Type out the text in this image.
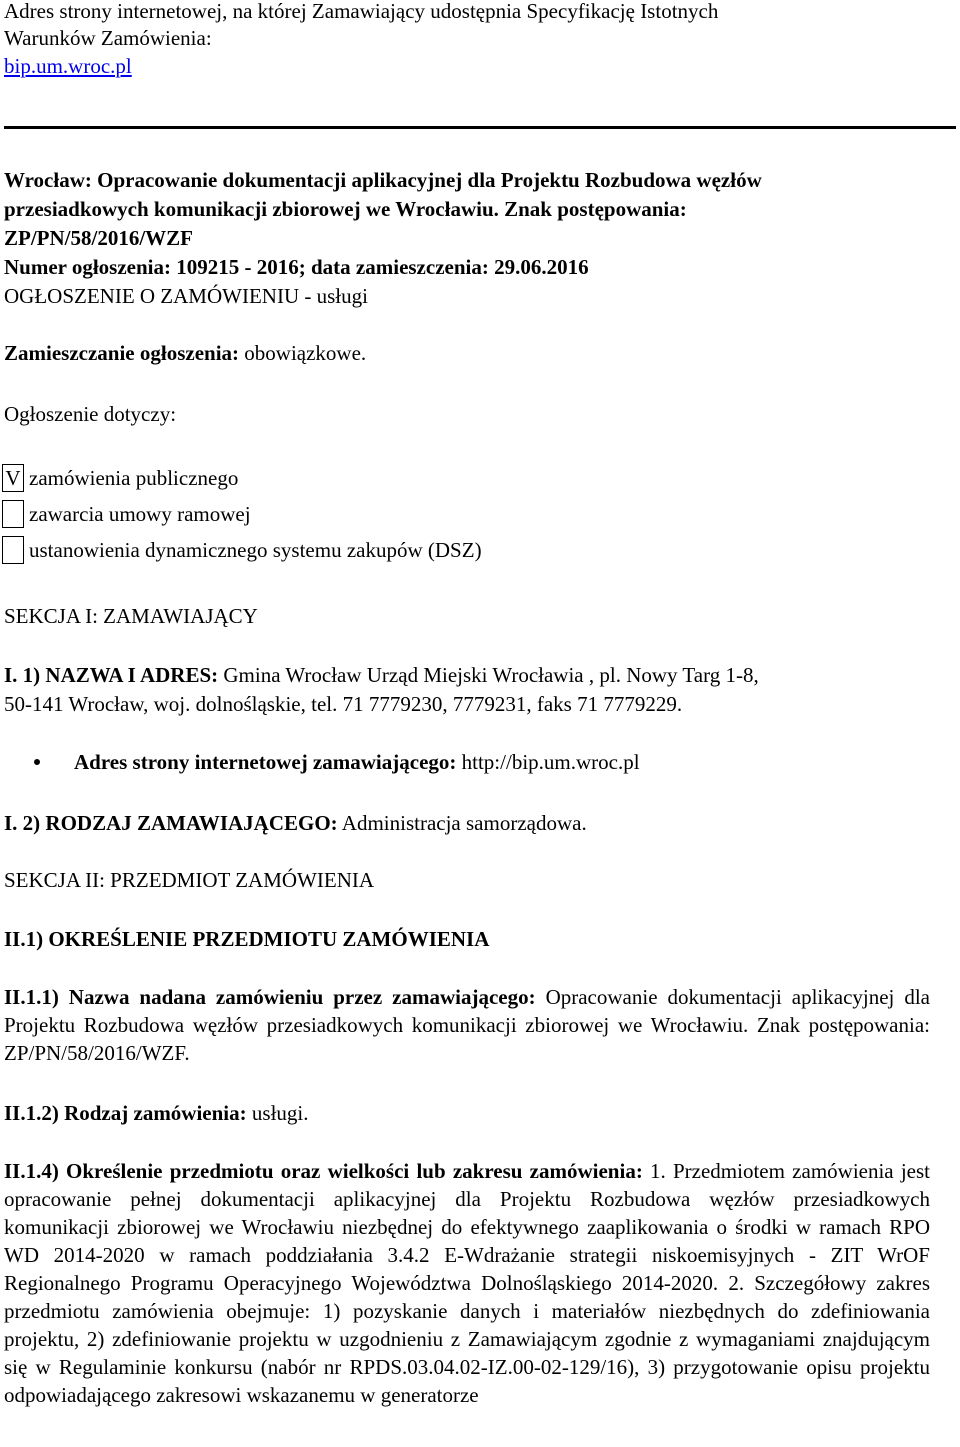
Adres strony internetowej, na której Zamawiający udostępnia Specyfikację Istotnych
Warunków Zamówienia:
bip.um.wroc.pl
Wrocław: Opracowanie dokumentacji aplikacyjnej dla Projektu Rozbudowa węzłów
przesiadkowych komunikacji zbiorowej we Wrocławiu. Znak postępowania:
ZP/PN/58/2016/WZF
Numer ogłoszenia: 109215 - 2016; data zamieszczenia: 29.06.2016
OGŁOSZENIE O ZAMÓWIENIU - usługi
Zamieszczanie ogłoszenia: obowiązkowe.
Ogłoszenie dotyczy:
V zamówienia publicznego
zawarcia umowy ramowej
ustanowienia dynamicznego systemu zakupów (DSZ)
SEKCJA I: ZAMAWIAJĄCY
I. 1) NAZWA I ADRES: Gmina Wrocław Urząd Miejski Wrocławia , pl. Nowy Targ 1-8,
50-141 Wrocław, woj. dolnośląskie, tel. 71 7779230, 7779231, faks 71 7779229.
Adres strony internetowej zamawiającego: http://bip.um.wroc.pl
I. 2) RODZAJ ZAMAWIAJĄCEGO: Administracja samorządowa.
SEKCJA II: PRZEDMIOT ZAMÓWIENIA
II.1) OKREŚLENIE PRZEDMIOTU ZAMÓWIENIA
II.1.1) Nazwa nadana zamówieniu przez zamawiającego: Opracowanie dokumentacji aplikacyjnej dla Projektu Rozbudowa węzłów przesiadkowych komunikacji zbiorowej we Wrocławiu. Znak postępowania: ZP/PN/58/2016/WZF.
II.1.2) Rodzaj zamówienia: usługi.
II.1.4) Określenie przedmiotu oraz wielkości lub zakresu zamówienia: 1. Przedmiotem zamówienia jest opracowanie pełnej dokumentacji aplikacyjnej dla Projektu Rozbudowa węzłów przesiadkowych komunikacji zbiorowej we Wrocławiu niezbędnej do efektywnego zaaplikowania o środki w ramach RPO WD 2014-2020 w ramach poddziałania 3.4.2 E-Wdrażanie strategii niskoemisyjnych - ZIT WrOF Regionalnego Programu Operacyjnego Województwa Dolnośląskiego 2014-2020. 2. Szczegółowy zakres przedmiotu zamówienia obejmuje: 1) pozyskanie danych i materiałów niezbędnych do zdefiniowania projektu, 2) zdefiniowanie projektu w uzgodnieniu z Zamawiającym zgodnie z wymaganiami znajdującym się w Regulaminie konkursu (nabór nr RPDS.03.04.02-IZ.00-02-129/16), 3) przygotowanie opisu projektu odpowiadającego zakresowi wskazanemu w generatorze
